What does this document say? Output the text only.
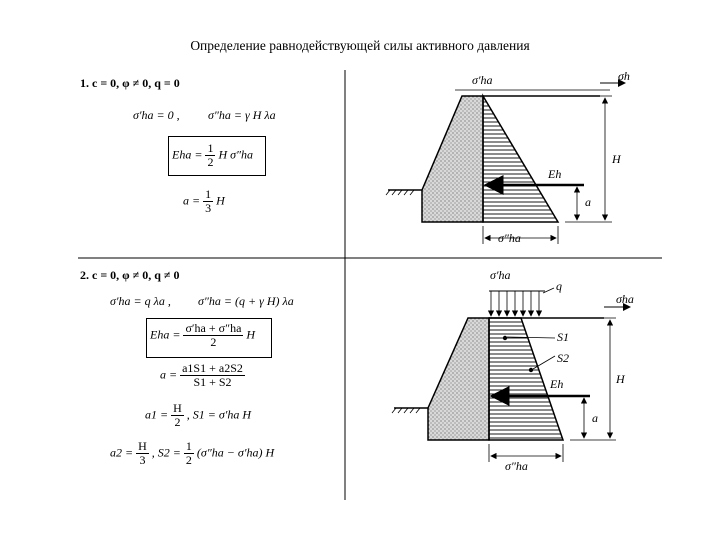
Определение равнодействующей силы активного давления
1. c = 0, φ ≠ 0, q = 0
σ′ha = 0 , σ″ha = γ H λa
Eha = $\frac{1}{2}$ H σ″ha
$a = \frac{1}{3}$ H
2. c = 0, φ ≠ 0, q ≠ 0
σ′ha = q λa , σ″ha = (q + γ H) λa
Eha = $\frac{\sigma'ha + \sigma''ha}{2}$ H
$a = \frac{a1S1 + a2S2}{S1 + S2}$
$a1 = \frac{H}{2}$ , S1 = σ′ha H
$a2 = \frac{H}{3}$ , $S2 = \frac{1}{2} (\sigma''ha - \sigma'ha)$ H
σ′ha	σh
Eh
H
a
σ″ha
σ′ha
q
σha
S1
S2
Eh	H
a
σ″ha
